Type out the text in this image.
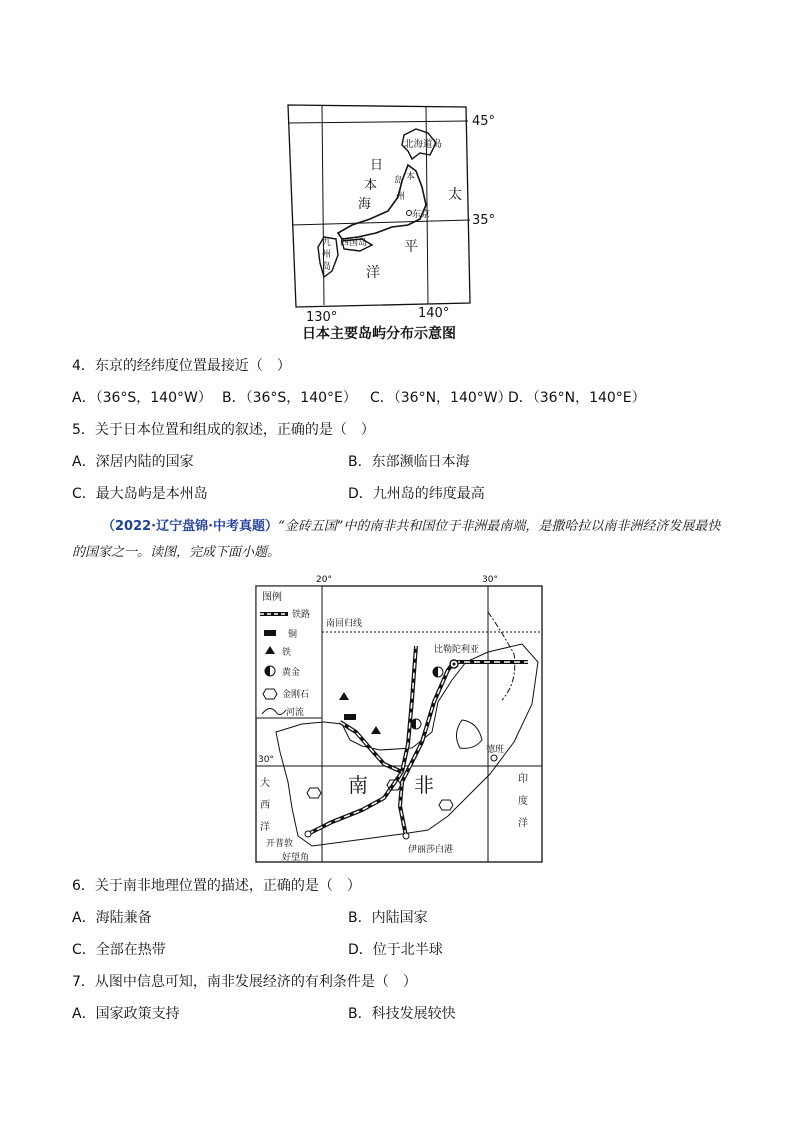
45°
35°
130°	140°
北海道岛
日
本
海
本
州
岛
东京
太
平
洋
四国岛
九
州
岛
日本主要岛屿分布示意图
4．东京的经纬度位置最接近（　）
A．（36°S，140°W） B．（36°S，140°E） C．（36°N，140°W）
D．（36°N，140°E）
5．关于日本位置和组成的叙述，正确的是（　）
A．深居内陆的国家	B．东部濒临日本海
C．最大岛屿是本州岛	D．九州岛的纬度最高
（2022·辽宁盘锦·中考真题）“金砖五国”中的南非共和国位于非洲最南端，是撒哈拉以南非洲经济发展最快的国家之一。读图，完成下面小题。
图例
铁路
铜
铁
黄金
金刚石
河流
20°	30°
30°
南回归线
比勒陀利亚
德班
开普敦
好望角
伊丽莎白港
大
西
洋
印
度
洋
南 非
6．关于南非地理位置的描述，正确的是（　）
A．海陆兼备	B．内陆国家
C．全部在热带	D．位于北半球
7．从图中信息可知，南非发展经济的有利条件是（　）
A．国家政策支持	B．科技发展较快
